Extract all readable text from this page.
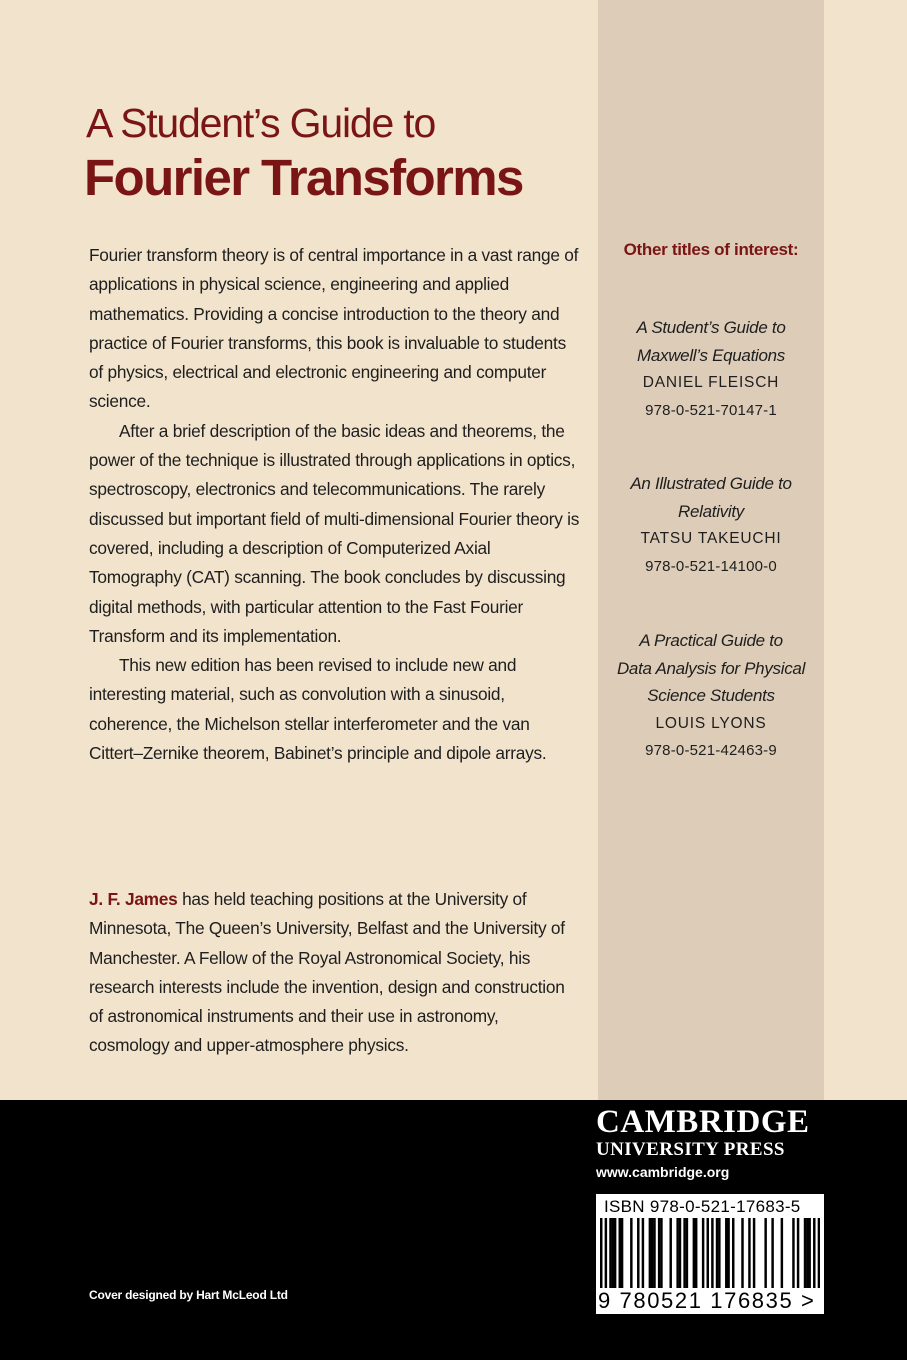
A Student’s Guide to
Fourier Transforms

Fourier transform theory is of central importance in a vast range of applications in physical science, engineering and applied mathematics. Providing a concise introduction to the theory and practice of Fourier transforms, this book is invaluable to students of physics, electrical and electronic engineering and computer science.

After a brief description of the basic ideas and theorems, the power of the technique is illustrated through applications in optics, spectroscopy, electronics and telecommunications. The rarely discussed but important field of multi-dimensional Fourier theory is covered, including a description of Computerized Axial Tomography (CAT) scanning. The book concludes by discussing digital methods, with particular attention to the Fast Fourier Transform and its implementation.

This new edition has been revised to include new and interesting material, such as convolution with a sinusoid, coherence, the Michelson stellar interferometer and the van Cittert–Zernike theorem, Babinet’s principle and dipole arrays.

J. F. James has held teaching positions at the University of Minnesota, The Queen’s University, Belfast and the University of Manchester. A Fellow of the Royal Astronomical Society, his research interests include the invention, design and construction of astronomical instruments and their use in astronomy, cosmology and upper-atmosphere physics.
Other titles of interest:
A Student’s Guide to
Maxwell’s Equations
DANIEL FLEISCH
978-0-521-70147-1
An Illustrated Guide to
Relativity
TATSU TAKEUCHI
978-0-521-14100-0
A Practical Guide to
Data Analysis for Physical
Science Students
LOUIS LYONS
978-0-521-42463-9
CAMBRIDGE
UNIVERSITY PRESS
www.cambridge.org
ISBN 978-0-521-17683-5
9 780521 176835 >
Cover designed by Hart McLeod Ltd
